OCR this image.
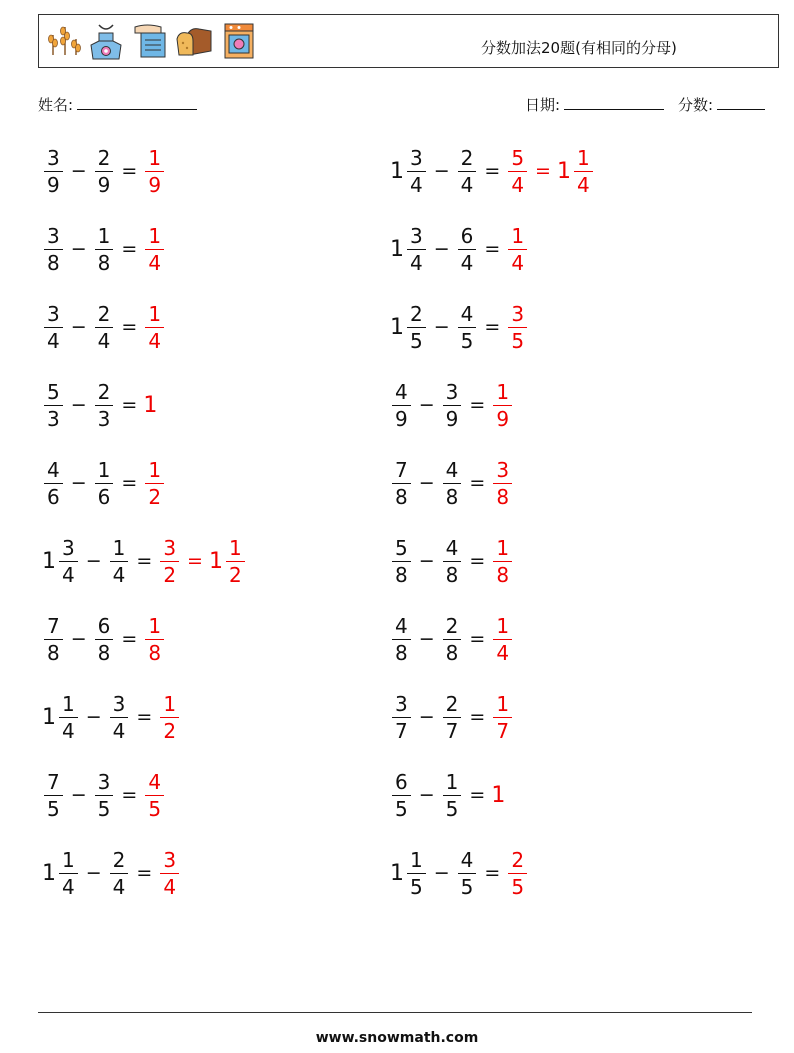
分数加法20题(有相同的分母)
姓名:	日期:	分数:
$\frac{3}{9} - \frac{2}{9} = \frac{1}{9}$
$\frac{3}{8} - \frac{1}{8} = \frac{1}{4}$
$\frac{3}{4} - \frac{2}{4} = \frac{1}{4}$
$\frac{5}{3} - \frac{2}{3} = 1$
$\frac{4}{6} - \frac{1}{6} = \frac{1}{2}$
$1 \frac{3}{4} - \frac{1}{4} = \frac{3}{2} = 1 \frac{1}{2}$
$\frac{7}{8} - \frac{6}{8} = \frac{1}{8}$
$1 \frac{1}{4} - \frac{3}{4} = \frac{1}{2}$
$\frac{7}{5} - \frac{3}{5} = \frac{4}{5}$
$1 \frac{1}{4} - \frac{2}{4} = \frac{3}{4}$
$1 \frac{3}{4} - \frac{2}{4} = \frac{5}{4} = 1 \frac{1}{4}$
$1 \frac{3}{4} - \frac{6}{4} = \frac{1}{4}$
$1 \frac{2}{5} - \frac{4}{5} = \frac{3}{5}$
$\frac{4}{9} - \frac{3}{9} = \frac{1}{9}$
$\frac{7}{8} - \frac{4}{8} = \frac{3}{8}$
$\frac{5}{8} - \frac{4}{8} = \frac{1}{8}$
$\frac{4}{8} - \frac{2}{8} = \frac{1}{4}$
$\frac{3}{7} - \frac{2}{7} = \frac{1}{7}$
$\frac{6}{5} - \frac{1}{5} = 1$
$1 \frac{1}{5} - \frac{4}{5} = \frac{2}{5}$
www.snowmath.com
